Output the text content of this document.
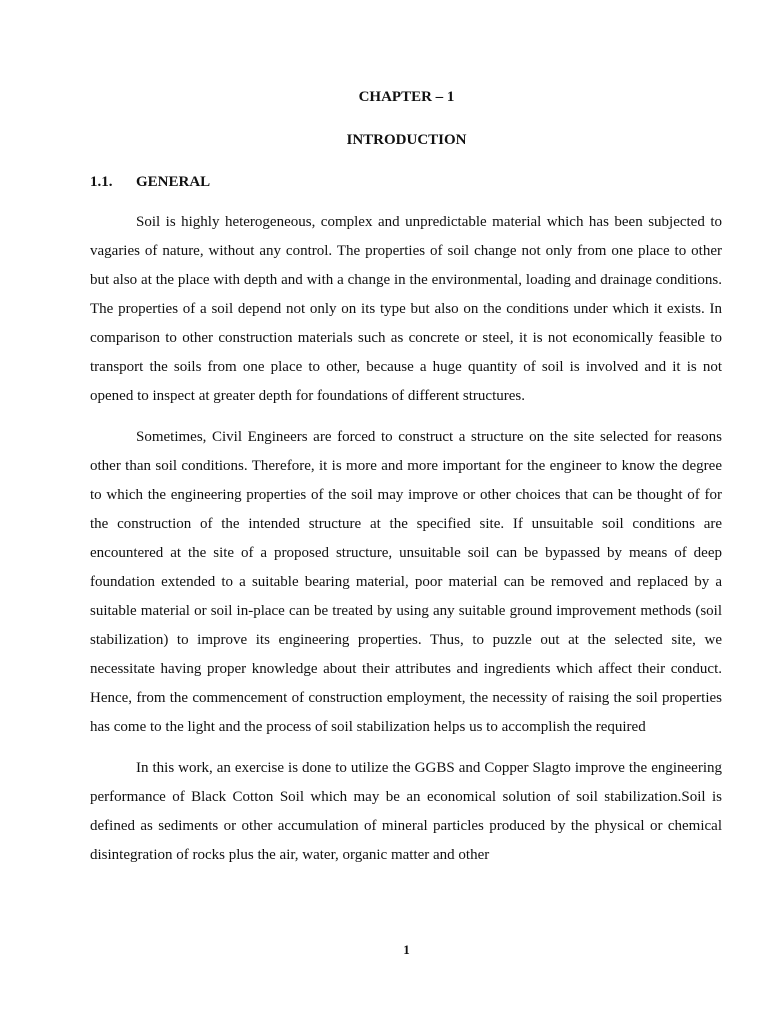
CHAPTER – 1
INTRODUCTION
1.1. GENERAL

Soil is highly heterogeneous, complex and unpredictable material which has been subjected to vagaries of nature, without any control. The properties of soil change not only from one place to other but also at the place with depth and with a change in the environmental, loading and drainage conditions. The properties of a soil depend not only on its type but also on the conditions under which it exists. In comparison to other construction materials such as concrete or steel, it is not economically feasible to transport the soils from one place to other, because a huge quantity of soil is involved and it is not opened to inspect at greater depth for foundations of different structures.

Sometimes, Civil Engineers are forced to construct a structure on the site selected for reasons other than soil conditions. Therefore, it is more and more important for the engineer to know the degree to which the engineering properties of the soil may improve or other choices that can be thought of for the construction of the intended structure at the specified site. If unsuitable soil conditions are encountered at the site of a proposed structure, unsuitable soil can be bypassed by means of deep foundation extended to a suitable bearing material, poor material can be removed and replaced by a suitable material or soil in-place can be treated by using any suitable ground improvement methods (soil stabilization) to improve its engineering properties. Thus, to puzzle out at the selected site, we necessitate having proper knowledge about their attributes and ingredients which affect their conduct. Hence, from the commencement of construction employment, the necessity of raising the soil properties has come to the light and the process of soil stabilization helps us to accomplish the required

In this work, an exercise is done to utilize the GGBS and Copper Slagto improve the engineering performance of Black Cotton Soil which may be an economical solution of soil stabilization.Soil is defined as sediments or other accumulation of mineral particles produced by the physical or chemical disintegration of rocks plus the air, water, organic matter and other

1
